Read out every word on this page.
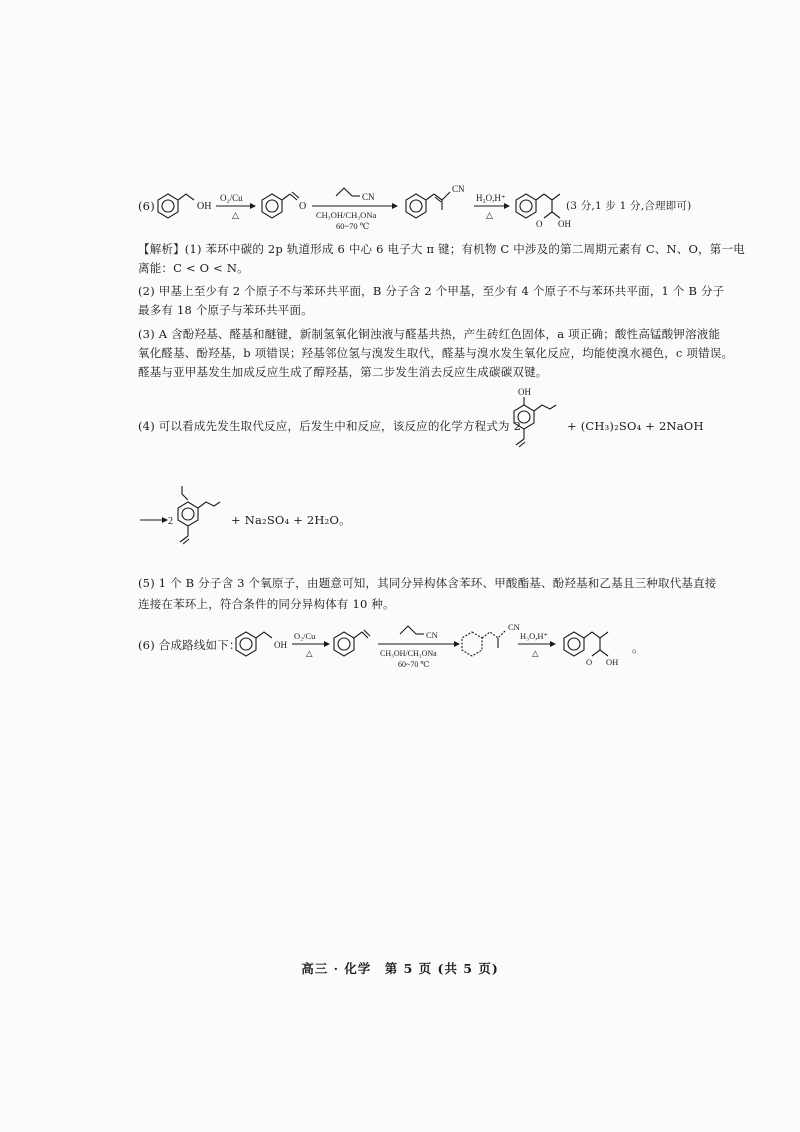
(6)	OH
O₂/Cu
△
O
CN
CH₃OH/CH₃ONa
60~70 ℃
CN
H₃O,H⁺
△
O OH
(3 分,1 步 1 分,合理即可)
【解析】(1) 苯环中碳的 2p 轨道形成 6 中心 6 电子大 π 键；有机物 C 中涉及的第二周期元素有 C、N、O，第一电
离能：C < O < N。
(2) 甲基上至少有 2 个原子不与苯环共平面，B 分子含 2 个甲基，至少有 4 个原子不与苯环共平面，1 个 B 分子
最多有 18 个原子与苯环共平面。
(3) A 含酚羟基、醛基和醚键，新制氢氧化铜浊液与醛基共热，产生砖红色固体，a 项正确；酸性高锰酸钾溶液能
氧化醛基、酚羟基，b 项错误；羟基邻位氢与溴发生取代，醛基与溴水发生氧化反应，均能使溴水褪色，c 项错误。
醛基与亚甲基发生加成反应生成了醇羟基，第二步发生消去反应生成碳碳双键。
(4) 可以看成先发生取代反应，后发生中和反应，该反应的化学方程式为 2
OH
+ (CH₃)₂SO₄ + 2NaOH
2	+ Na₂SO₄ + 2H₂O。
(5) 1 个 B 分子含 3 个氧原子，由题意可知，其同分异构体含苯环、甲酸酯基、酚羟基和乙基且三种取代基直接
连接在苯环上，符合条件的同分异构体有 10 种。
(6) 合成路线如下：	OH
O₂/Cu
△
CN
CH₃OH/CH₃ONa
60~70 ℃
CN
H₃O,H⁺
△
O OH
。
高三 · 化学　第 5 页 (共 5 页)
